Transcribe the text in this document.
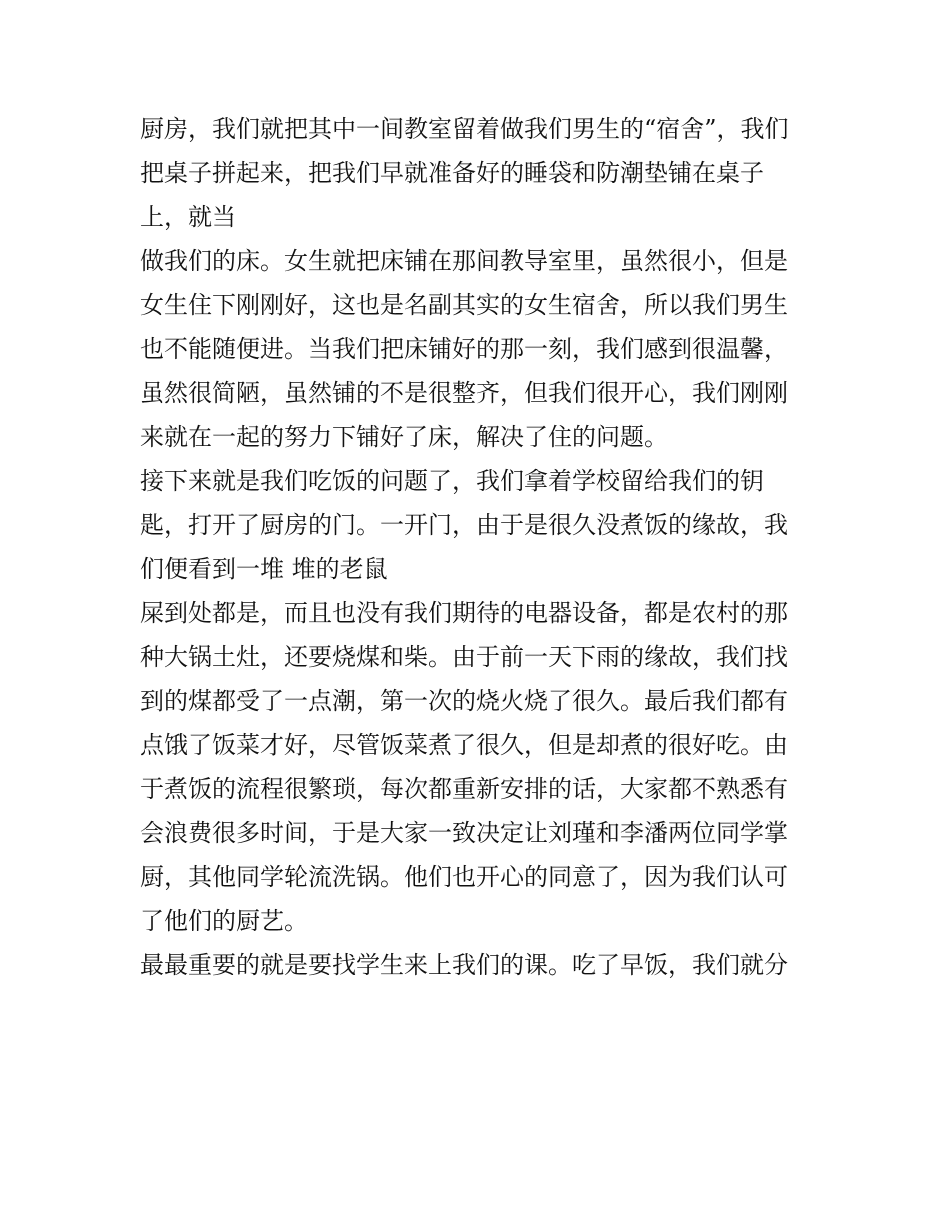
厨房，我们就把其中一间教室留着做我们男生的“宿舍”，我们
把桌子拼起来，把我们早就准备好的睡袋和防潮垫铺在桌子
上，就当
做我们的床。女生就把床铺在那间教导室里，虽然很小，但是
女生住下刚刚好，这也是名副其实的女生宿舍，所以我们男生
也不能随便进。当我们把床铺好的那一刻，我们感到很温馨，
虽然很简陋，虽然铺的不是很整齐，但我们很开心，我们刚刚
来就在一起的努力下铺好了床，解决了住的问题。
接下来就是我们吃饭的问题了，我们拿着学校留给我们的钥
匙，打开了厨房的门。一开门，由于是很久没煮饭的缘故，我
们便看到一堆 堆的老鼠
屎到处都是，而且也没有我们期待的电器设备，都是农村的那
种大锅土灶，还要烧煤和柴。由于前一天下雨的缘故，我们找
到的煤都受了一点潮，第一次的烧火烧了很久。最后我们都有
点饿了饭菜才好，尽管饭菜煮了很久，但是却煮的很好吃。由
于煮饭的流程很繁琐，每次都重新安排的话，大家都不熟悉有
会浪费很多时间，于是大家一致决定让刘瑾和李潘两位同学掌
厨，其他同学轮流洗锅。他们也开心的同意了，因为我们认可
了他们的厨艺。
最最重要的就是要找学生来上我们的课。吃了早饭，我们就分
